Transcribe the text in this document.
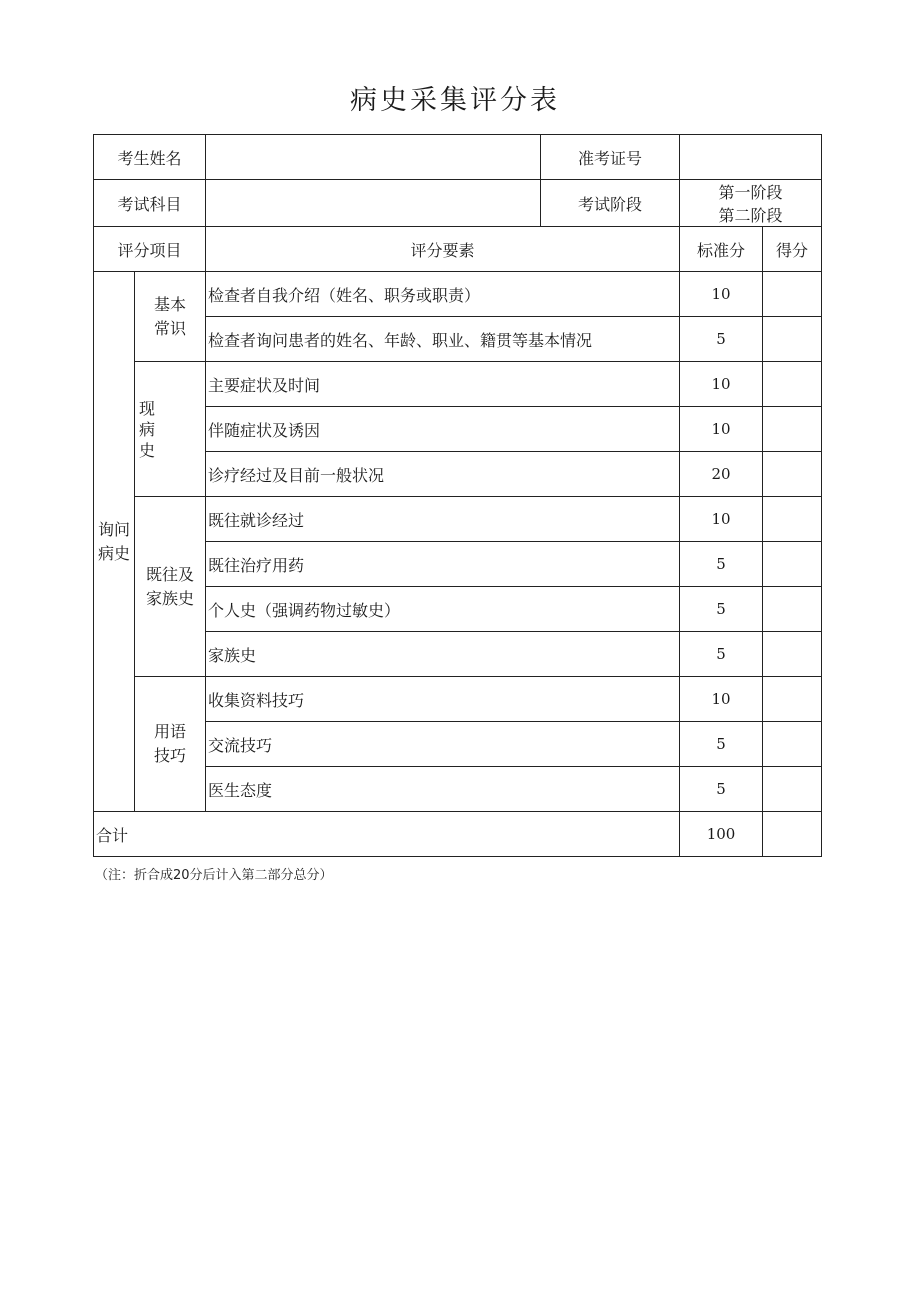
病史采集评分表
考生姓名			准考证号		
考试科目			考试阶段	第一阶段第二阶段	
评分项目		评分要素		标准分	得分

询问病史	基本常识	检查者自我介绍（姓名、职务或职责）		10	
		检查者询问患者的姓名、年龄、职业、籍贯等基本情况		5	

	现病史	主要症状及时间		10	
		伴随症状及诱因		10	
		诊疗经过及目前一般状况		20	

	既往及家族史	既往就诊经过		10	
		既往治疗用药		5	
		个人史（强调药物过敏史）		5	
		家族史		5	

	用语技巧	收集资料技巧		10	
		交流技巧		5	
		医生态度		5	
合计				100	
（注：折合成20分后计入第二部分总分）
